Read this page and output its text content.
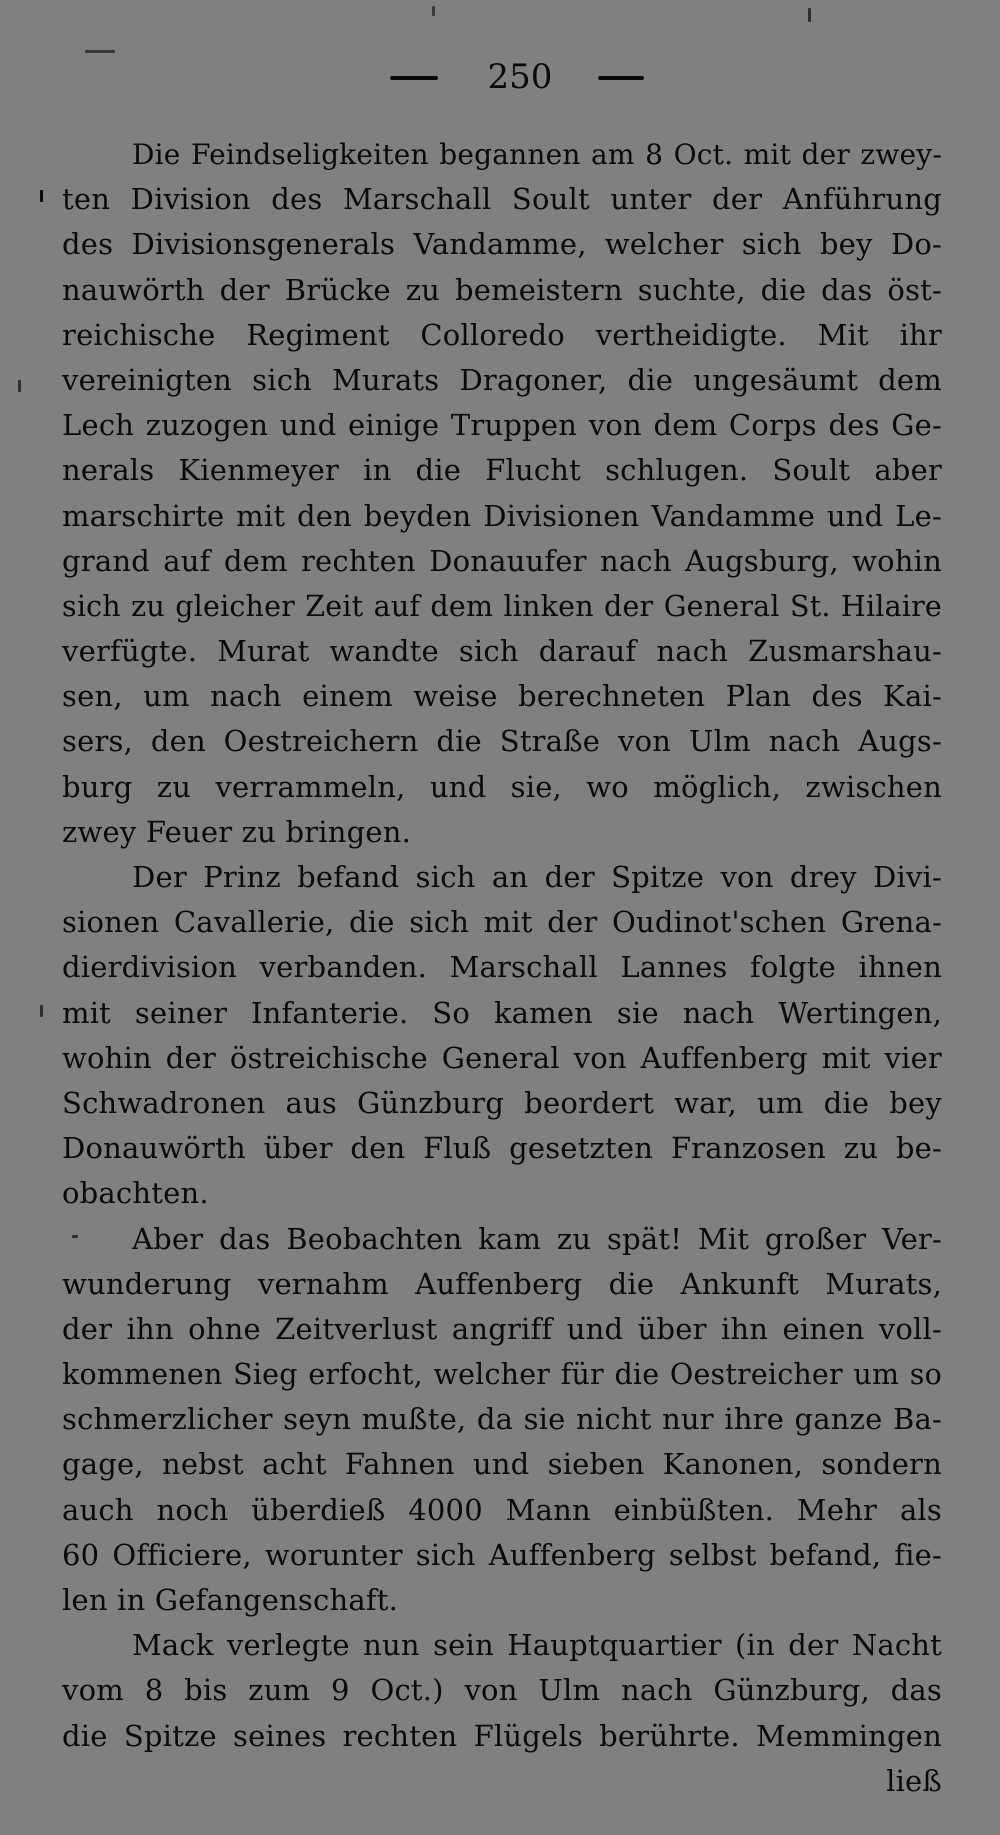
250
Die Feindseligkeiten begannen am 8 Oct. mit der zwey-
ten Division des Marschall Soult unter der Anführung
des Divisionsgenerals Vandamme, welcher sich bey Do-
nauwörth der Brücke zu bemeistern suchte, die das öst-
reichische Regiment Colloredo vertheidigte. Mit ihr
vereinigten sich Murats Dragoner, die ungesäumt dem
Lech zuzogen und einige Truppen von dem Corps des Ge-
nerals Kienmeyer in die Flucht schlugen. Soult aber
marschirte mit den beyden Divisionen Vandamme und Le-
grand auf dem rechten Donauufer nach Augsburg, wohin
sich zu gleicher Zeit auf dem linken der General St. Hilaire
verfügte. Murat wandte sich darauf nach Zusmarshau-
sen, um nach einem weise berechneten Plan des Kai-
sers, den Oestreichern die Straße von Ulm nach Augs-
burg zu verrammeln, und sie, wo möglich, zwischen
zwey Feuer zu bringen.
Der Prinz befand sich an der Spitze von drey Divi-
sionen Cavallerie, die sich mit der Oudinot'schen Grena-
dierdivision verbanden. Marschall Lannes folgte ihnen
mit seiner Infanterie. So kamen sie nach Wertingen,
wohin der östreichische General von Auffenberg mit vier
Schwadronen aus Günzburg beordert war, um die bey
Donauwörth über den Fluß gesetzten Franzosen zu be-
obachten.
Aber das Beobachten kam zu spät! Mit großer Ver-
wunderung vernahm Auffenberg die Ankunft Murats,
der ihn ohne Zeitverlust angriff und über ihn einen voll-
kommenen Sieg erfocht, welcher für die Oestreicher um so
schmerzlicher seyn mußte, da sie nicht nur ihre ganze Ba-
gage, nebst acht Fahnen und sieben Kanonen, sondern
auch noch überdieß 4000 Mann einbüßten. Mehr als
60 Officiere, worunter sich Auffenberg selbst befand, fie-
len in Gefangenschaft.
Mack verlegte nun sein Hauptquartier (in der Nacht
vom 8 bis zum 9 Oct.) von Ulm nach Günzburg, das
die Spitze seines rechten Flügels berührte. Memmingen
ließ
